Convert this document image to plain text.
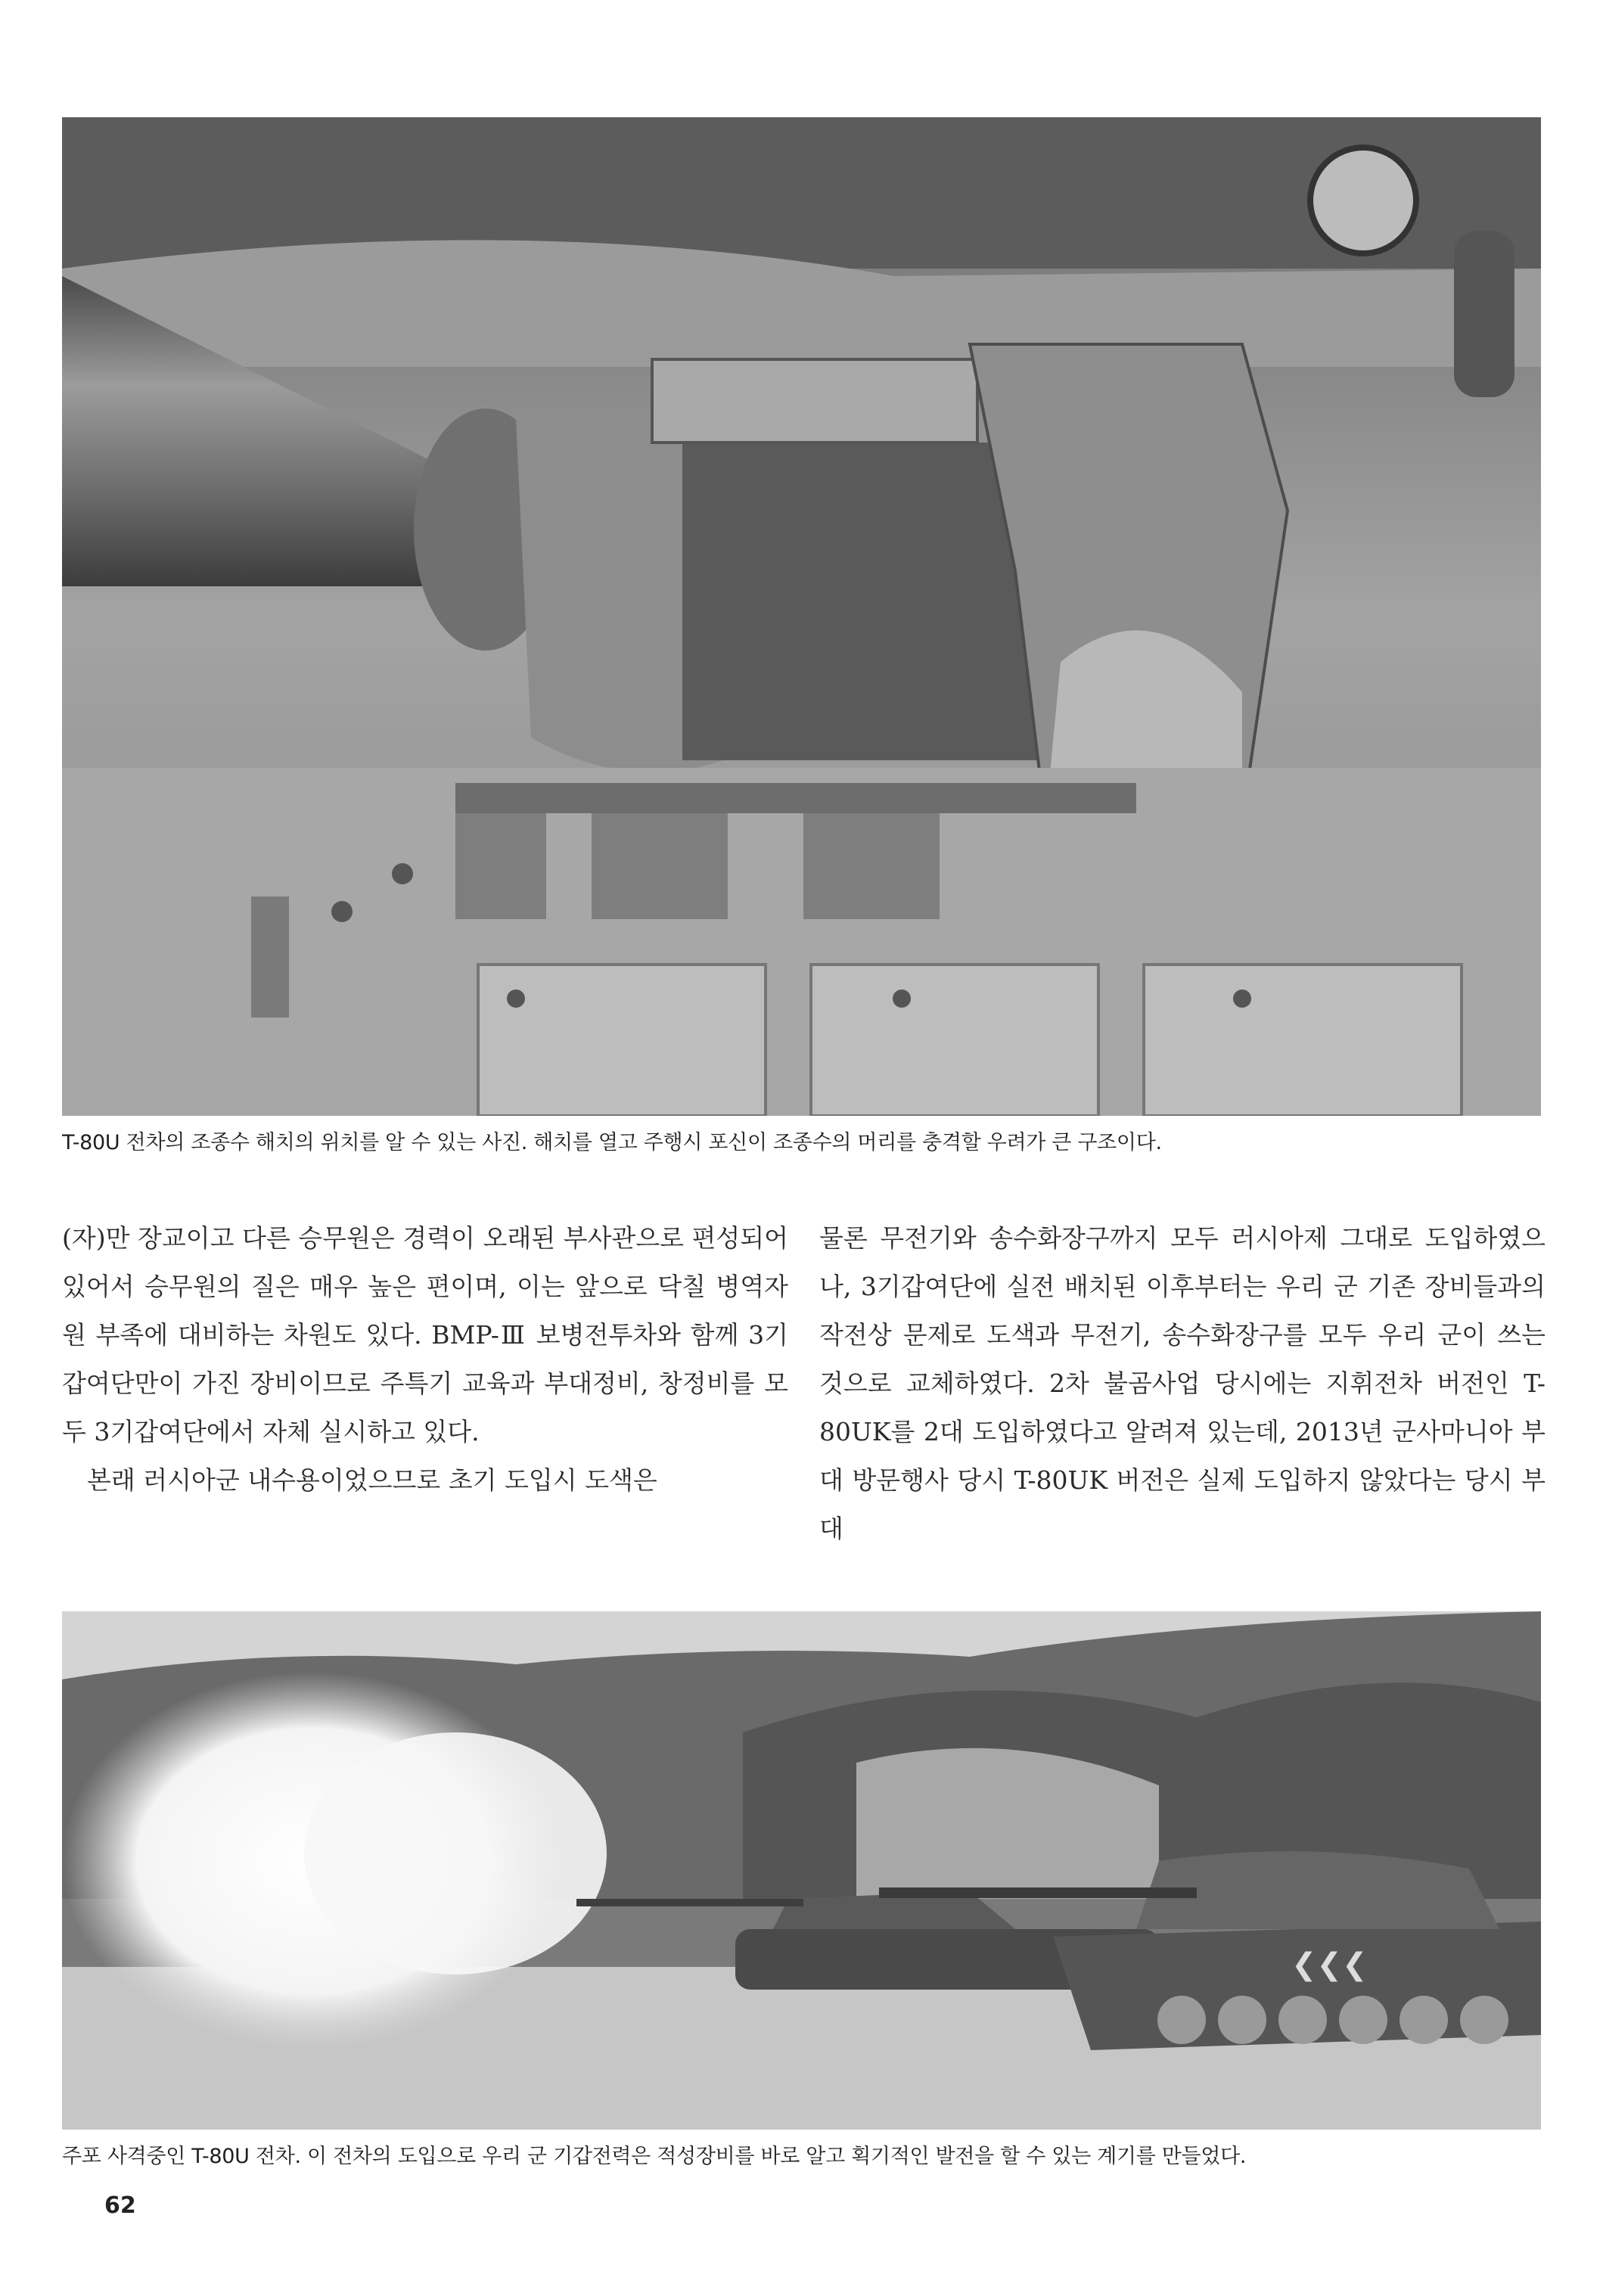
T-80U 전차의 조종수 해치의 위치를 알 수 있는 사진. 해치를 열고 주행시 포신이 조종수의 머리를 충격할 우려가 큰 구조이다.

(자)만 장교이고 다른 승무원은 경력이 오래된 부사관으로 편성되어 있어서 승무원의 질은 매우 높은 편이며, 이는 앞으로 닥칠 병역자원 부족에 대비하는 차원도 있다. BMP-Ⅲ 보병전투차와 함께 3기갑여단만이 가진 장비이므로 주특기 교육과 부대정비, 창정비를 모두 3기갑여단에서 자체 실시하고 있다.

본래 러시아군 내수용이었으므로 초기 도입시 도색은

물론 무전기와 송수화장구까지 모두 러시아제 그대로 도입하였으나, 3기갑여단에 실전 배치된 이후부터는 우리 군 기존 장비들과의 작전상 문제로 도색과 무전기, 송수화장구를 모두 우리 군이 쓰는 것으로 교체하였다. 2차 불곰사업 당시에는 지휘전차 버전인 T-80UK를 2대 도입하였다고 알려져 있는데, 2013년 군사마니아 부대 방문행사 당시 T-80UK 버전은 실제 도입하지 않았다는 당시 부대

❮❮❮
주포 사격중인 T-80U 전차. 이 전차의 도입으로 우리 군 기갑전력은 적성장비를 바로 알고 획기적인 발전을 할 수 있는 계기를 만들었다.
62
